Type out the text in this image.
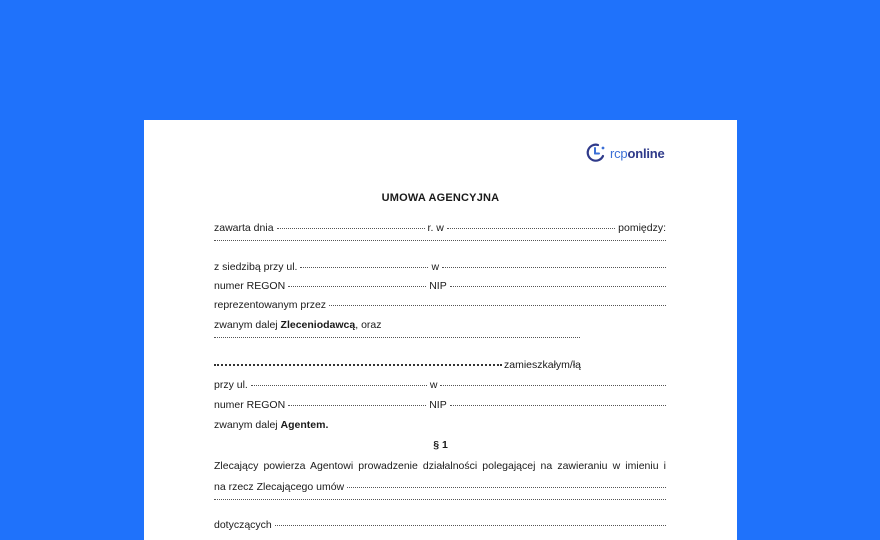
rcponline
UMOWA AGENCYJNA
zawarta dnia	r. w	pomiędzy:
z siedzibą przy ul.	w
numer REGON	NIP
reprezentowanym przez
zwanym dalej
Zleceniodawcą , oraz
zamieszkałym/łą
przy ul.	w
numer REGON	NIP
zwanym dalej
Agentem.
§ 1
Zlecający powierza Agentowi prowadzenie działalności polegającej na zawieraniu w imieniu i
na rzecz Zlecającego umów
dotyczących
